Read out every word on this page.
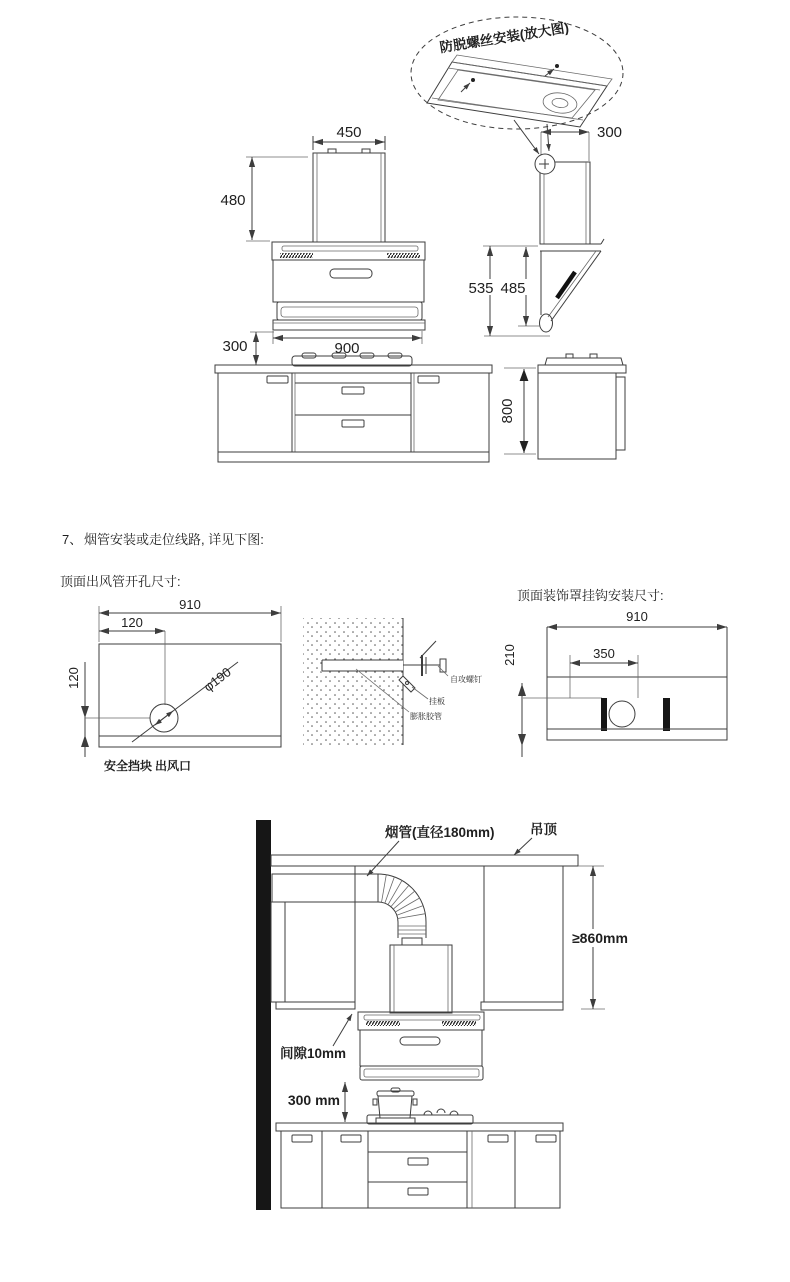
防脱螺丝安装(放大图)
450
480
300	900
300
535 485
800
7、 烟管安装或走位线路, 详见下图:
顶面出风管开孔尺寸:
910
120
120	φ190
安全挡块 出风口
自攻螺钉
挂板
膨胀胶管
顶面装饰罩挂钩安装尺寸:
910
350
210
吊顶
烟管(直径180mm)
≥860mm
间隙10mm
300 mm
